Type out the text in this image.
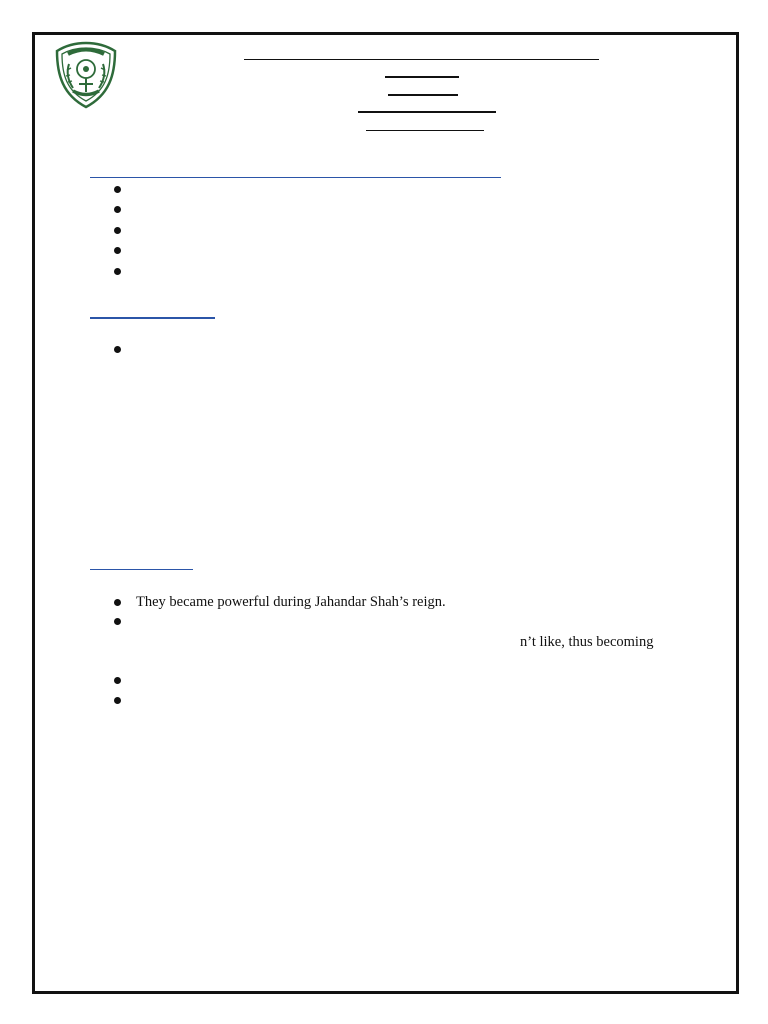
They became powerful during Jahandar Shah’s reign.
n’t like, thus becoming
